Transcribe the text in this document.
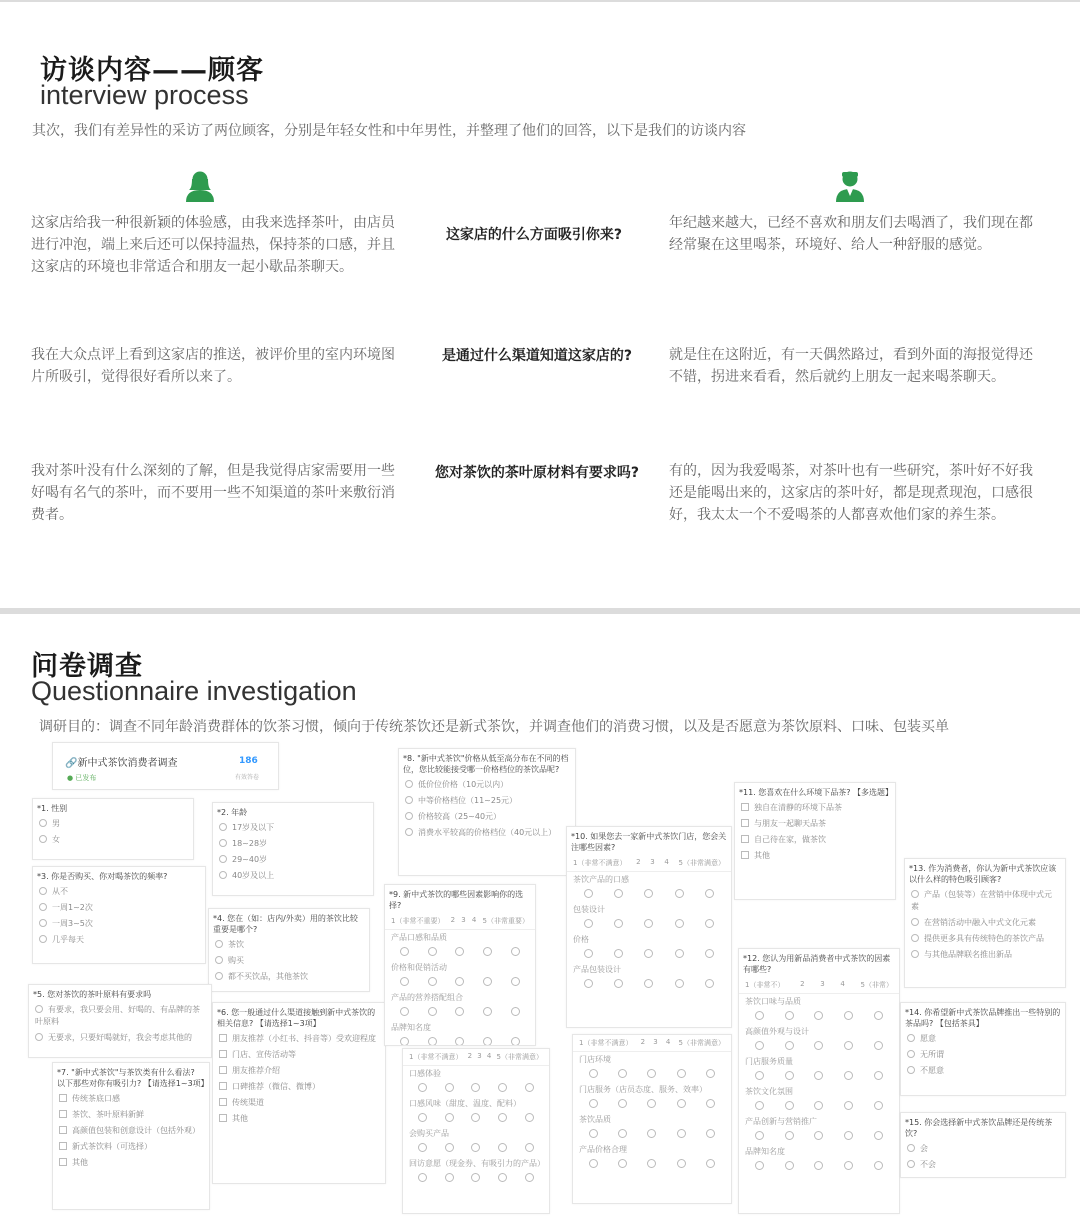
访谈内容——顾客
interview process
其次，我们有差异性的采访了两位顾客，分别是年轻女性和中年男性，并整理了他们的回答，以下是我们的访谈内容
这家店给我一种很新颖的体验感，由我来选择茶叶，由店员进行冲泡，端上来后还可以保持温热，保持茶的口感，并且这家店的环境也非常适合和朋友一起小歇品茶聊天。
这家店的什么方面吸引你来?
年纪越来越大，已经不喜欢和朋友们去喝酒了，我们现在都经常聚在这里喝茶，环境好、给人一种舒服的感觉。
我在大众点评上看到这家店的推送，被评价里的室内环境图片所吸引，觉得很好看所以来了。
是通过什么渠道知道这家店的?	就是住在这附近，有一天偶然路过，看到外面的海报觉得还不错，拐进来看看，然后就约上朋友一起来喝茶聊天。
我对茶叶没有什么深刻的了解，但是我觉得店家需要用一些好喝有名气的茶叶，而不要用一些不知渠道的茶叶来敷衍消费者。
您对茶饮的茶叶原材料有要求吗?	有的，因为我爱喝茶，对茶叶也有一些研究，茶叶好不好我还是能喝出来的，这家店的茶叶好，都是现煮现泡，口感很好，我太太一个不爱喝茶的人都喜欢他们家的养生茶。
问卷调查
Questionnaire investigation
调研目的：调查不同年龄消费群体的饮茶习惯，倾向于传统茶饮还是新式茶饮，并调查他们的消费习惯，以及是否愿意为茶饮原料、口味、包装买单
🔗新中式茶饮消费者调查
● 已发布
186
有效答卷
*1. 性别
男
女
*2. 年龄
17岁及以下
18~28岁
29~40岁
40岁及以上
*3. 你是否购买、你对喝茶饮的频率?
从不
一周1~2次
一周3~5次
几乎每天
*4. 您在（如：店内/外卖）用的茶饮比较重要是哪个?
茶饮
购买
都不买饮品，其他茶饮
*5. 您对茶饮的茶叶原料有要求吗
有要求，我只要会用、好喝的、有品牌的茶叶原料
无要求，只要好喝就好，我会考虑其他的
*6. 您一般通过什么渠道接触到新中式茶饮的相关信息? 【请选择1~3项】
朋友推荐（小红书、抖音等）受欢迎程度
门店、宣传活动等
朋友推荐介绍
口碑推荐（微信、微博）
传统渠道
其他
*7. "新中式茶饮"与茶饮类有什么看法? 以下那些对你有吸引力? 【请选择1~3项】
传统茶底口感
茶饮、茶叶原料新鲜
高颜值包装和创意设计（包括外观）
新式茶饮料（可选择）
其他
*8. "新中式茶饮"价格从低至高分布在不同的档位，您比较能接受哪一价格档位的茶饮品呢?
低价位价格（10元以内）
中等价格档位（11~25元）
价格较高（25~40元）
消费水平较高的价格档位（40元以上）
*9. 新中式茶饮的哪些因素影响你的选择?
1（非常不重要） 2 3 4 5（非常重要）
产品口感和品质
价格和促销活动
产品的营养搭配组合
品牌知名度
1（非常不满意） 2 3 4 5（非常满意）
口感体验
口感风味（甜度、温度、配料）
会购买产品
回访意愿（现金券、有吸引力的产品）
*10. 如果您去一家新中式茶饮门店，您会关注哪些因素?
1（非常不满意） 2 3 4 5（非常满意）
茶饮产品的口感
包装设计
价格
产品包装设计
1（非常不满意） 2 3 4 5（非常满意）
门店环境
门店服务（店员态度、服务、效率）
茶饮品质
产品价格合理
*11. 您喜欢在什么环境下品茶? 【多选题】
独自在清静的环境下品茶
与朋友一起聊天品茶
自己待在家，做茶饮
其他
*12. 您认为用新品消费者中式茶饮的因素有哪些?
1（非常不） 2 3 4 5（非常）
茶饮口味与品质
高颜值外观与设计
门店服务质量
茶饮文化氛围
产品创新与营销推广
品牌知名度
*13. 作为消费者，你认为新中式茶饮应该以什么样的特色吸引顾客?
产品（包装等）在营销中体现中式元素
在营销活动中融入中式文化元素
提供更多具有传统特色的茶饮产品
与其他品牌联名推出新品
*14. 你希望新中式茶饮品牌推出一些特别的茶品吗? 【包括茶具】
愿意
无所谓
不愿意
*15. 你会选择新中式茶饮品牌还是传统茶饮?
会
不会
